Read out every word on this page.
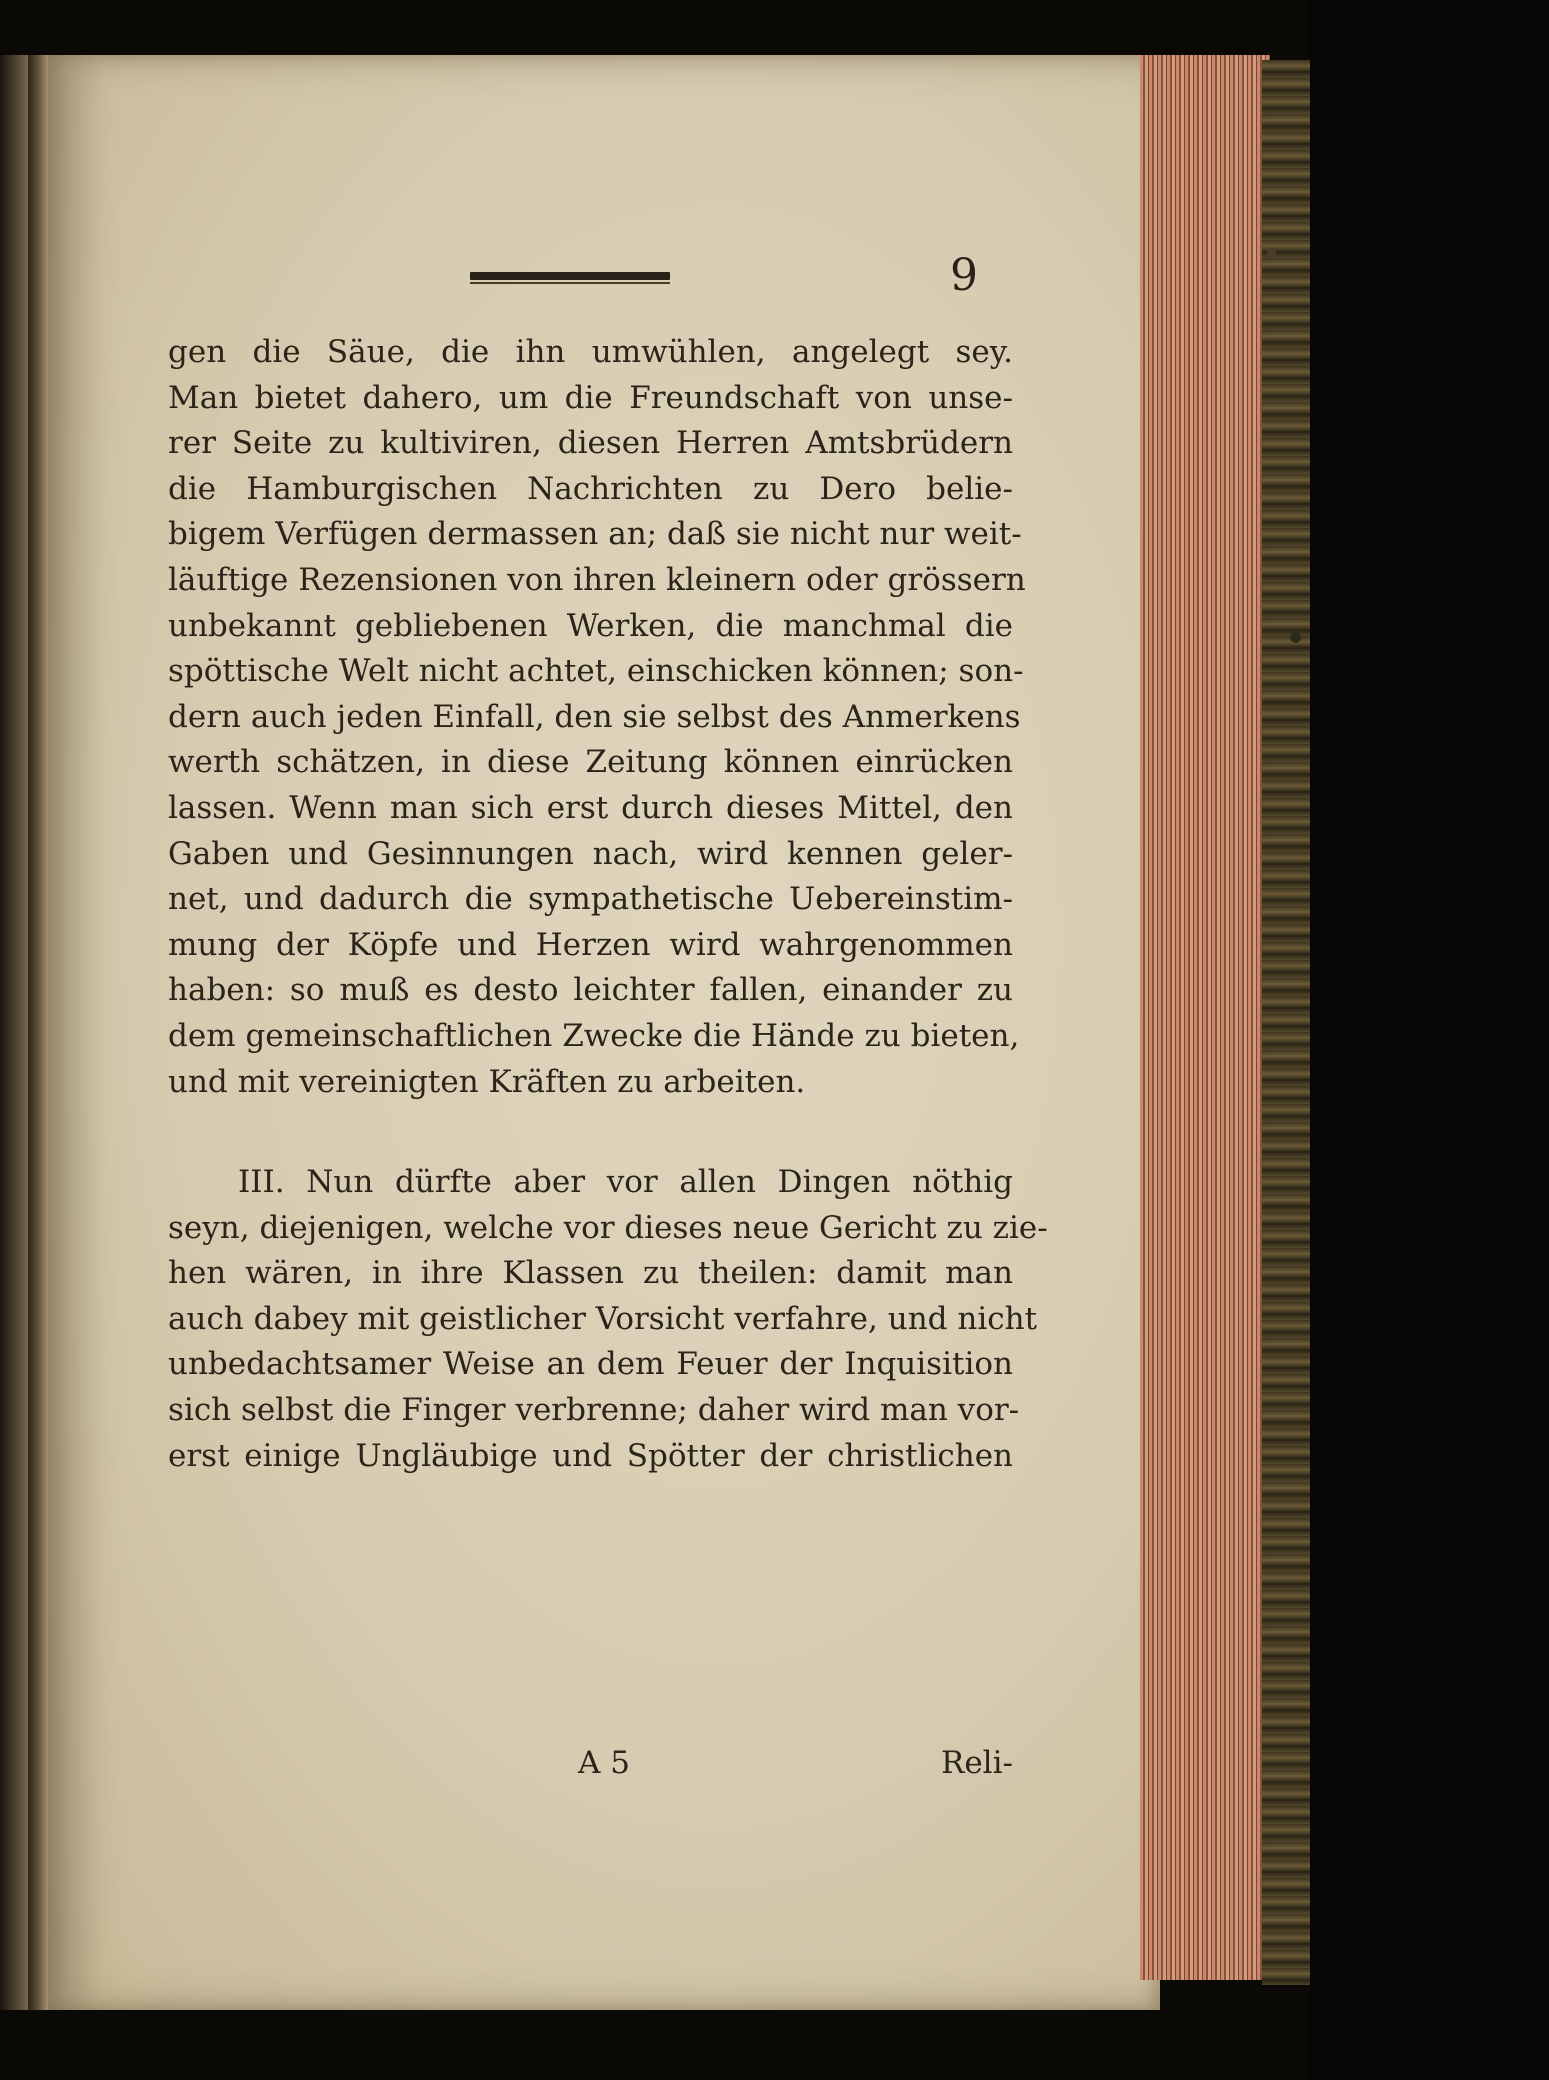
9
gen die Säue, die ihn umwühlen, angelegt sey.
Man bietet dahero, um die Freundschaft von unse-
rer Seite zu kultiviren, diesen Herren Amtsbrüdern
die Hamburgischen Nachrichten zu Dero belie-
bigem Verfügen dermassen an; daß sie nicht nur weit-
läuftige Rezensionen von ihren kleinern oder grössern
unbekannt gebliebenen Werken, die manchmal die
spöttische Welt nicht achtet, einschicken können; son-
dern auch jeden Einfall, den sie selbst des Anmerkens
werth schätzen, in diese Zeitung können einrücken
lassen. Wenn man sich erst durch dieses Mittel, den
Gaben und Gesinnungen nach, wird kennen geler-
net, und dadurch die sympathetische Uebereinstim-
mung der Köpfe und Herzen wird wahrgenommen
haben: so muß es desto leichter fallen, einander zu
dem gemeinschaftlichen Zwecke die Hände zu bieten,
und mit vereinigten Kräften zu arbeiten.
III. Nun dürfte aber vor allen Dingen nöthig
seyn, diejenigen, welche vor dieses neue Gericht zu zie-
hen wären, in ihre Klassen zu theilen: damit man
auch dabey mit geistlicher Vorsicht verfahre, und nicht
unbedachtsamer Weise an dem Feuer der Inquisition
sich selbst die Finger verbrenne; daher wird man vor-
erst einige Ungläubige und Spötter der christlichen
A 5	Reli-
